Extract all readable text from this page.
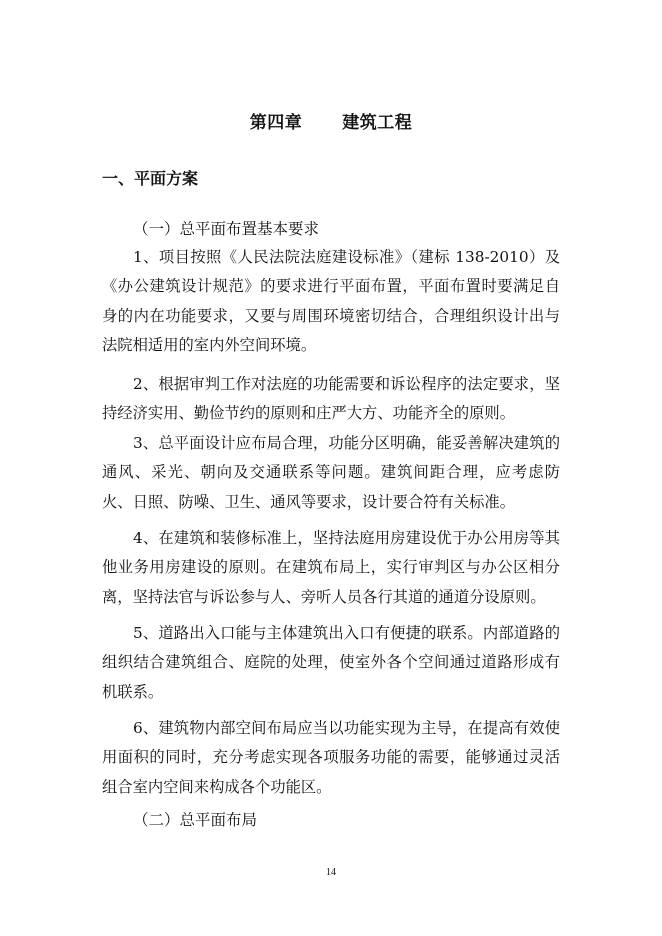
第四章 建筑工程
一、平面方案
（一）总平面布置基本要求

1、项目按照《人民法院法庭建设标准》（建标 138-2010）及《办公建筑设计规范》的要求进行平面布置，平面布置时要满足自身的内在功能要求，又要与周围环境密切结合，合理组织设计出与法院相适用的室内外空间环境。

2、根据审判工作对法庭的功能需要和诉讼程序的法定要求，坚持经济实用、勤俭节约的原则和庄严大方、功能齐全的原则。

3、总平面设计应布局合理，功能分区明确，能妥善解决建筑的通风、采光、朝向及交通联系等问题。建筑间距合理，应考虑防火、日照、防噪、卫生、通风等要求，设计要合符有关标准。

4、在建筑和装修标准上，坚持法庭用房建设优于办公用房等其他业务用房建设的原则。在建筑布局上，实行审判区与办公区相分离，坚持法官与诉讼参与人、旁听人员各行其道的通道分设原则。

5、道路出入口能与主体建筑出入口有便捷的联系。内部道路的组织结合建筑组合、庭院的处理，使室外各个空间通过道路形成有机联系。

6、建筑物内部空间布局应当以功能实现为主导，在提高有效使用面积的同时，充分考虑实现各项服务功能的需要，能够通过灵活组合室内空间来构成各个功能区。

（二）总平面布局
14
